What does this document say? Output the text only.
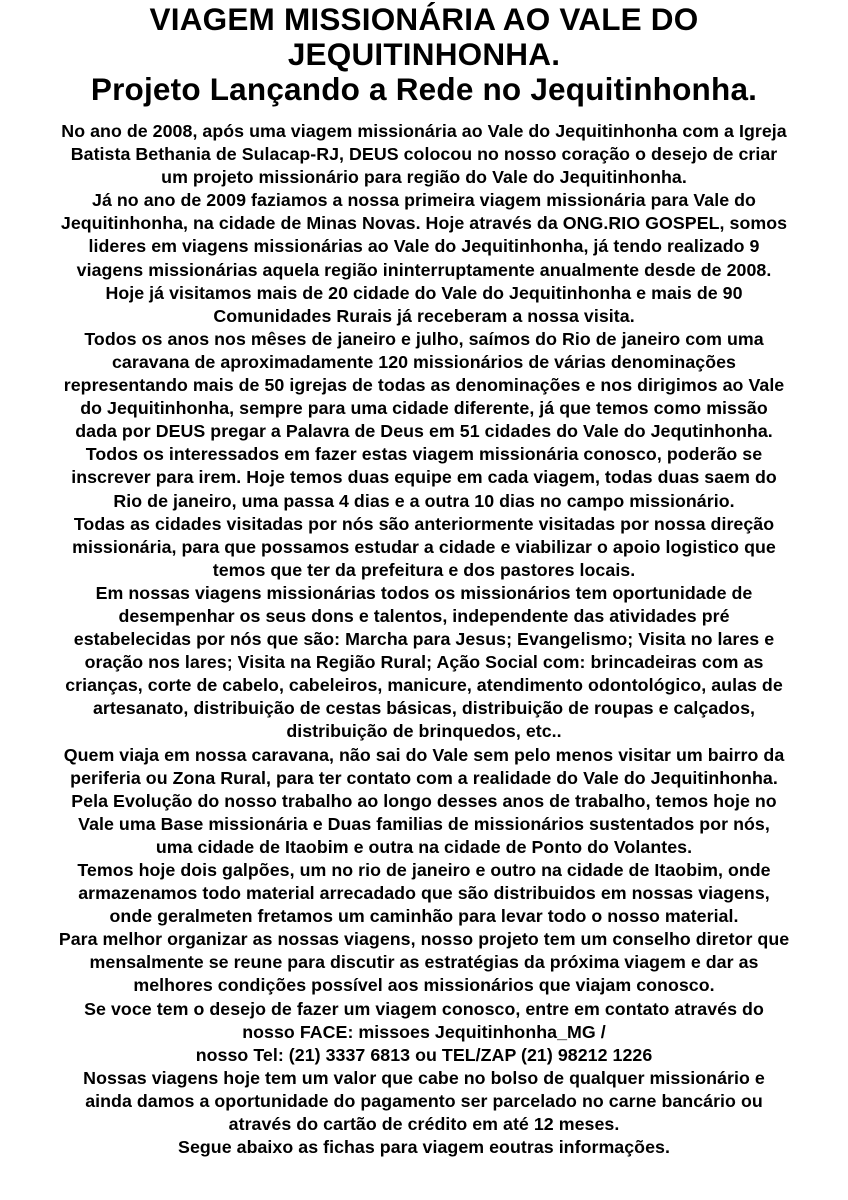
VIAGEM MISSIONÁRIA AO VALE DO
JEQUITINHONHA.
Projeto Lançando a Rede no Jequitinhonha.
No ano de 2008, após uma viagem missionária ao Vale do Jequitinhonha com a Igreja
Batista Bethania de Sulacap-RJ, DEUS colocou no nosso coração o desejo de criar
um projeto missionário para região do Vale do Jequitinhonha.
Já no ano de 2009 faziamos a nossa primeira viagem missionária para Vale do
Jequitinhonha, na cidade de Minas Novas. Hoje através da ONG.RIO GOSPEL, somos
lideres em viagens missionárias ao Vale do Jequitinhonha, já tendo realizado 9
viagens missionárias aquela região ininterruptamente anualmente desde de 2008.
Hoje já visitamos mais de 20 cidade do Vale do Jequitinhonha e mais de 90
Comunidades Rurais já receberam a nossa visita.
Todos os anos nos mêses de janeiro e julho, saímos do Rio de janeiro com uma
caravana de aproximadamente 120 missionários de várias denominações
representando mais de 50 igrejas de todas as denominações e nos dirigimos ao Vale
do Jequitinhonha, sempre para uma cidade diferente, já que temos como missão
dada por DEUS pregar a Palavra de Deus em 51 cidades do Vale do Jequtinhonha.
Todos os interessados em fazer estas viagem missionária conosco, poderão se
inscrever para irem. Hoje temos duas equipe em cada viagem, todas duas saem do
Rio de janeiro, uma passa 4 dias e a outra 10 dias no campo missionário.
Todas as cidades visitadas por nós são anteriormente visitadas por nossa direção
missionária, para que possamos estudar a cidade e viabilizar o apoio logistico que
temos que ter da prefeitura e dos pastores locais.
Em nossas viagens missionárias todos os missionários tem oportunidade de
desempenhar os seus dons e talentos, independente das atividades pré
estabelecidas por nós que são: Marcha para Jesus; Evangelismo; Visita no lares e
oração nos lares; Visita na Região Rural; Ação Social com: brincadeiras com as
crianças, corte de cabelo, cabeleiros, manicure, atendimento odontológico, aulas de
artesanato, distribuição de cestas básicas, distribuição de roupas e calçados,
distribuição de brinquedos, etc..
Quem viaja em nossa caravana, não sai do Vale sem pelo menos visitar um bairro da
periferia ou Zona Rural, para ter contato com a realidade do Vale do Jequitinhonha.
Pela Evolução do nosso trabalho ao longo desses anos de trabalho, temos hoje no
Vale uma Base missionária e Duas familias de missionários sustentados por nós,
uma cidade de Itaobim e outra na cidade de Ponto do Volantes.
Temos hoje dois galpões, um no rio de janeiro e outro na cidade de Itaobim, onde
armazenamos todo material arrecadado que são distribuidos em nossas viagens,
onde geralmeten fretamos um caminhão para levar todo o nosso material.
Para melhor organizar as nossas viagens, nosso projeto tem um conselho diretor que
mensalmente se reune para discutir as estratégias da próxima viagem e dar as
melhores condições possível aos missionários que viajam conosco.
Se voce tem o desejo de fazer um viagem conosco, entre em contato através do
nosso FACE: missoes Jequitinhonha_MG /
nosso Tel: (21) 3337 6813 ou TEL/ZAP (21) 98212 1226
Nossas viagens hoje tem um valor que cabe no bolso de qualquer missionário e
ainda damos a oportunidade do pagamento ser parcelado no carne bancário ou
através do cartão de crédito em até 12 meses.
Segue abaixo as fichas para viagem eoutras informações.
